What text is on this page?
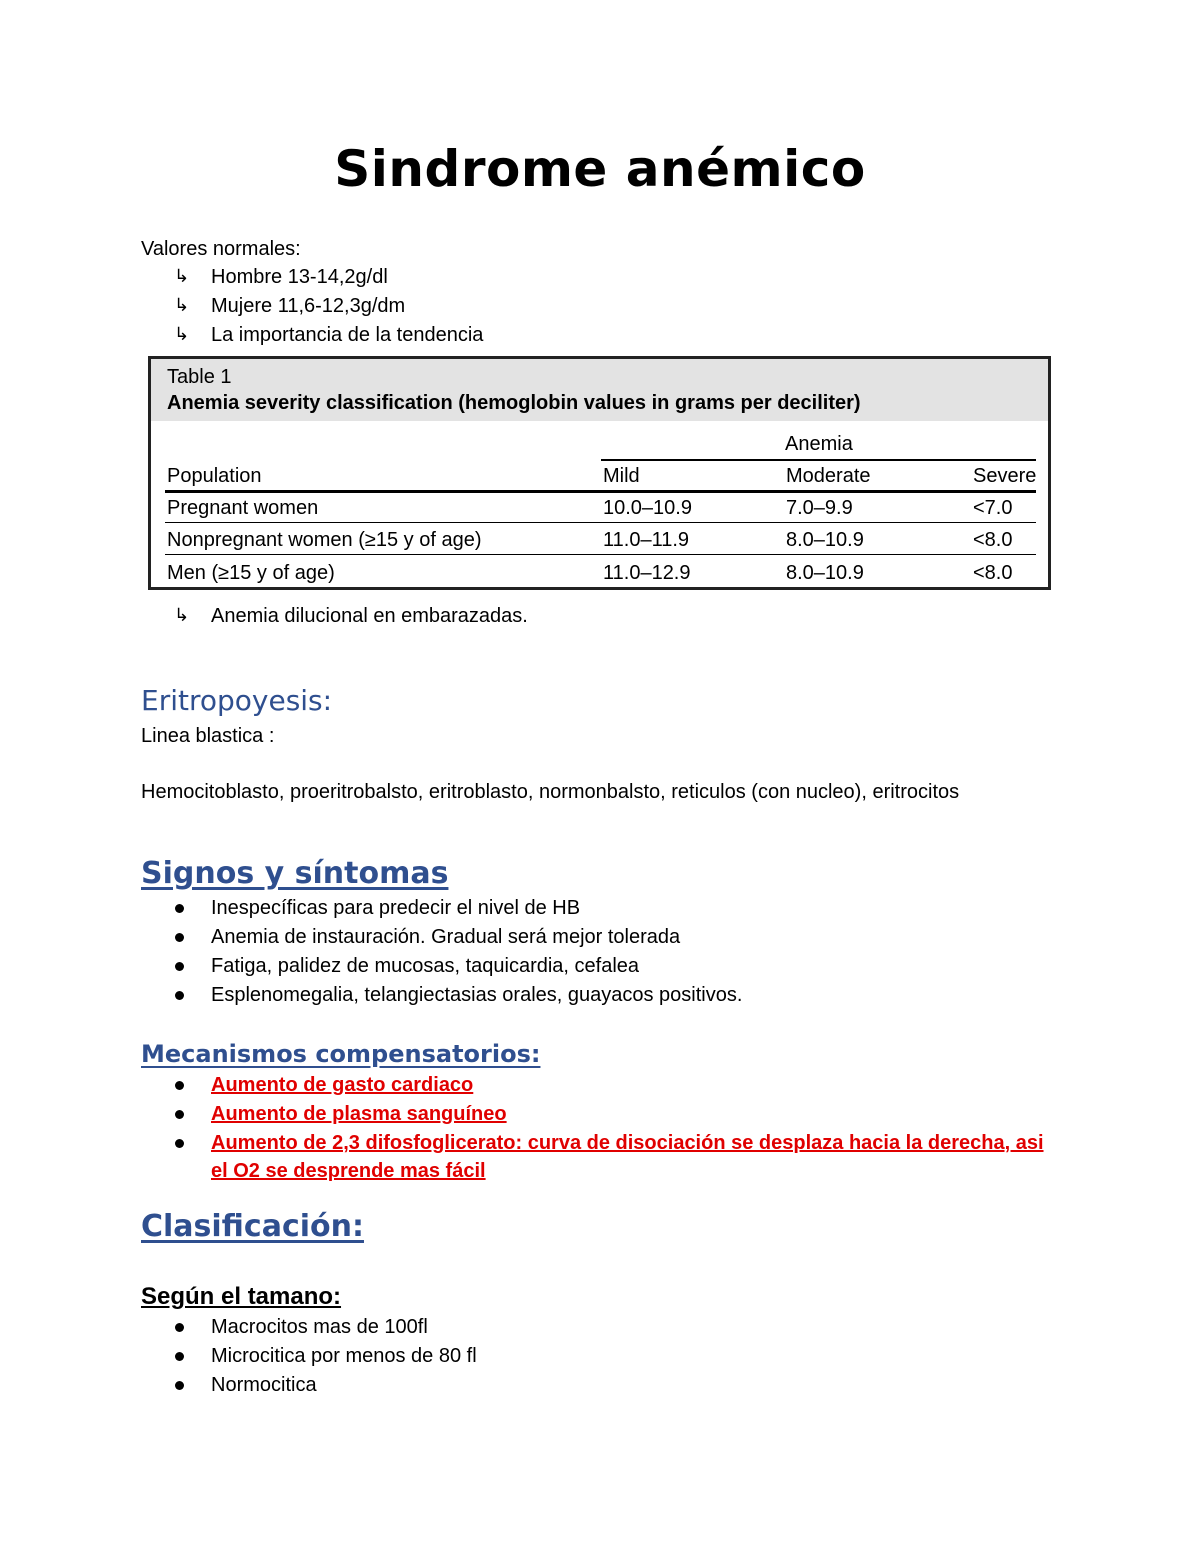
Sindrome anémico
Valores normales:
↳ Hombre 13-14,2g/dl
↳ Mujere 11,6-12,3g/dm
↳ La importancia de la tendencia
Table 1
Anemia severity classification (hemoglobin values in grams per deciliter)
Anemia
Population	Mild	Moderate	Severe
Pregnant women	10.0–10.9	7.0–9.9	<7.0
Nonpregnant women (≥15 y of age)	11.0–11.9	8.0–10.9	<8.0
Men (≥15 y of age)	11.0–12.9	8.0–10.9	<8.0
↳ Anemia dilucional en embarazadas.
Eritropoyesis:
Linea blastica :
Hemocitoblasto, proeritrobalsto, eritroblasto, normonbalsto, reticulos (con nucleo), eritrocitos
Signos y síntomas
Inespecíficas para predecir el nivel de HB
Anemia de instauración. Gradual será mejor tolerada
Fatiga, palidez de mucosas, taquicardia, cefalea
Esplenomegalia, telangiectasias orales, guayacos positivos.
Mecanismos compensatorios:
Aumento de gasto cardiaco
Aumento de plasma sanguíneo
Aumento de 2,3 difosfoglicerato: curva de disociación se desplaza hacia la derecha, asi
el O2 se desprende mas fácil
Clasificación:
Según el tamano:
Macrocitos mas de 100fl
Microcitica por menos de 80 fl
Normocitica
